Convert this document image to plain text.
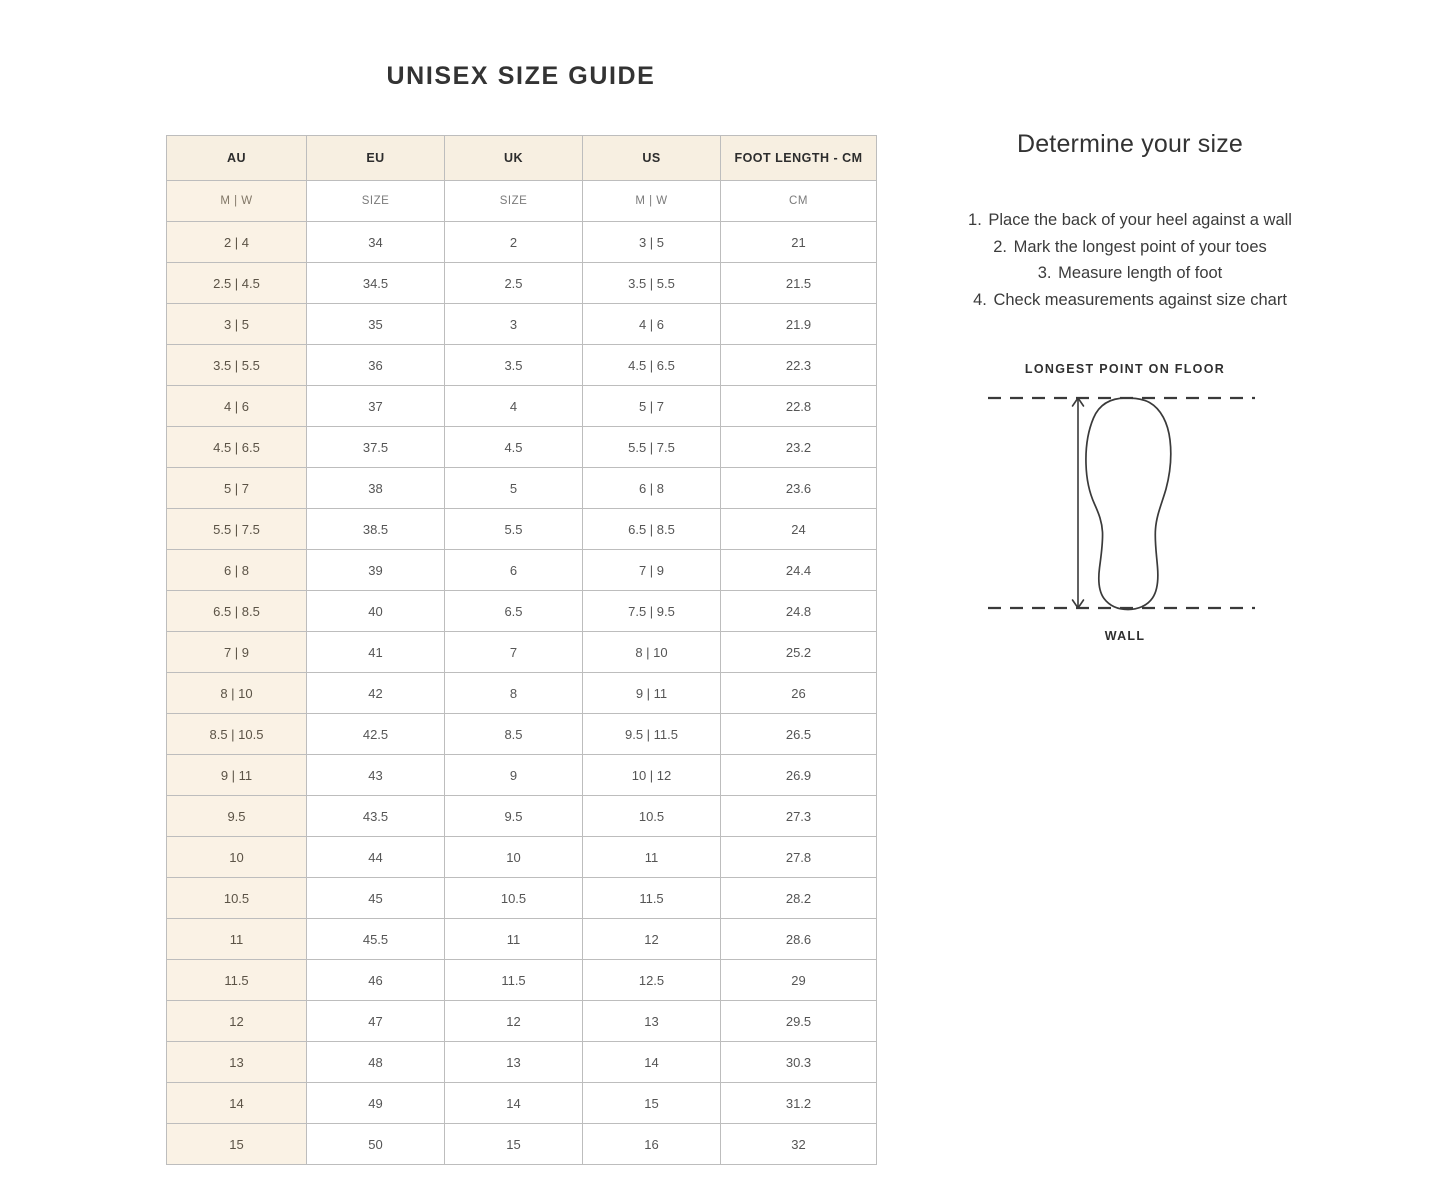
UNISEX SIZE GUIDE
AU	EU	UK	US	FOOT LENGTH - CM
M | W	SIZE	SIZE	M | W	CM
2 | 4	34	2	3 | 5	21
2.5 | 4.5	34.5	2.5	3.5 | 5.5	21.5
3 | 5	35	3	4 | 6	21.9
3.5 | 5.5	36	3.5	4.5 | 6.5	22.3
4 | 6	37	4	5 | 7	22.8
4.5 | 6.5	37.5	4.5	5.5 | 7.5	23.2
5 | 7	38	5	6 | 8	23.6
5.5 | 7.5	38.5	5.5	6.5 | 8.5	24
6 | 8	39	6	7 | 9	24.4
6.5 | 8.5	40	6.5	7.5 | 9.5	24.8
7 | 9	41	7	8 | 10	25.2
8 | 10	42	8	9 | 11	26
8.5 | 10.5	42.5	8.5	9.5 | 11.5	26.5
9 | 11	43	9	10 | 12	26.9
9.5	43.5	9.5	10.5	27.3
10	44	10	11	27.8
10.5	45	10.5	11.5	28.2
11	45.5	11	12	28.6
11.5	46	11.5	12.5	29
12	47	12	13	29.5
13	48	13	14	30.3
14	49	14	15	31.2
15	50	15	16	32
Determine your size
1. Place the back of your heel against a wall
2. Mark the longest point of your toes
3. Measure length of foot
4. Check measurements against size chart
LONGEST POINT ON FLOOR
WALL
